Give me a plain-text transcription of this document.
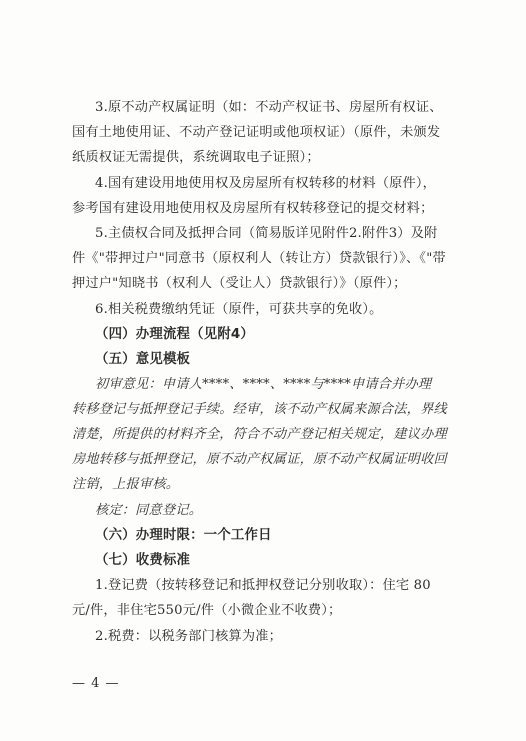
3.原不动产权属证明（如：不动产权证书、房屋所有权证、
国有土地使用证、不动产登记证明或他项权证）（原件，未颁发
纸质权证无需提供，系统调取电子证照）；
4.国有建设用地使用权及房屋所有权转移的材料（原件），
参考国有建设用地使用权及房屋所有权转移登记的提交材料；
5.主债权合同及抵押合同（简易版详见附件2.附件3）及附
件《"带押过户"同意书（原权利人（转让方）贷款银行）》、《"带
押过户"知晓书（权利人（受让人）贷款银行）》（原件）；
6.相关税费缴纳凭证（原件，可获共享的免收）。
（四）办理流程（见附4）
（五）意见模板
初审意见：申请人****、****、****与****申请合并办理
转移登记与抵押登记手续。经审，该不动产权属来源合法，界线
清楚，所提供的材料齐全，符合不动产登记相关规定，建议办理
房地转移与抵押登记，原不动产权属证，原不动产权属证明收回
注销，上报审核。
核定：同意登记。
（六）办理时限：一个工作日
（七）收费标准
1.登记费（按转移登记和抵押权登记分别收取）：住宅 80
元/件，非住宅550元/件（小微企业不收费）；
2.税费：以税务部门核算为准；
— 4 —
